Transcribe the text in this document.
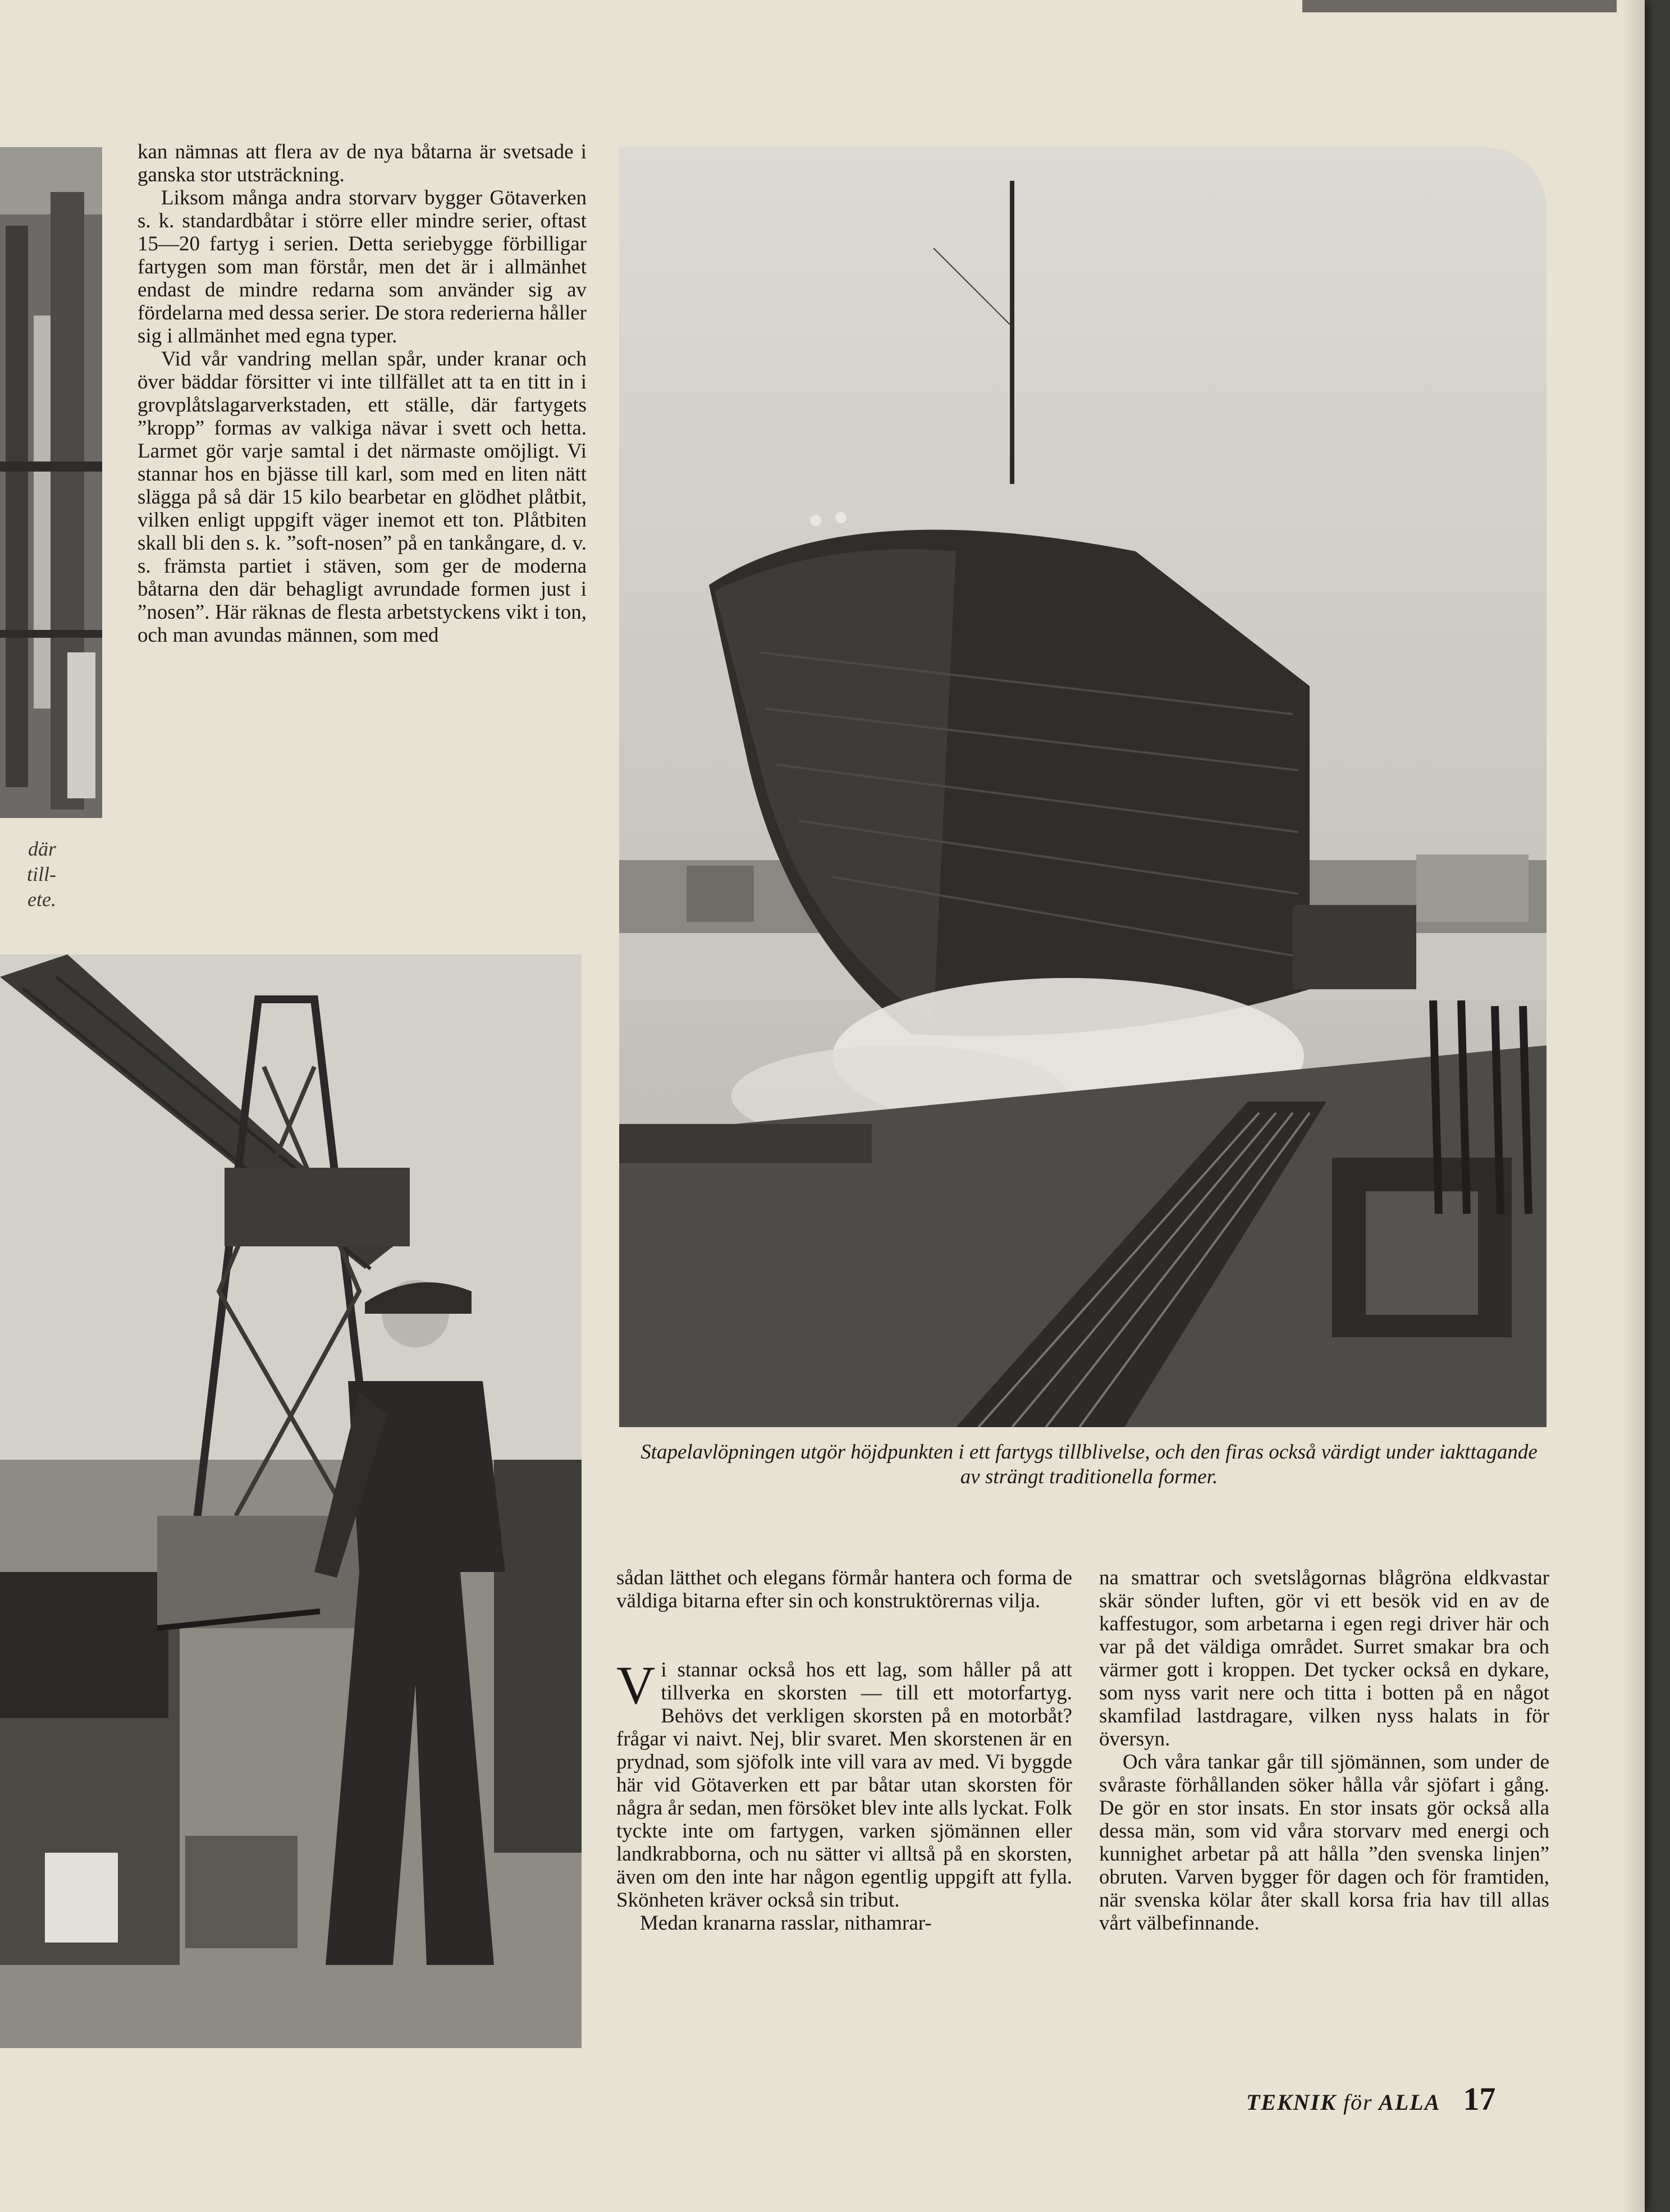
där
till-
ete.

kan nämnas att flera av de nya båtarna är svetsade i ganska stor utsträckning.

Liksom många andra storvarv bygger Götaverken s. k. standardbåtar i större eller mindre serier, oftast 15—20 fartyg i serien. Detta seriebygge förbilligar fartygen som man förstår, men det är i allmänhet endast de mindre redarna som använder sig av fördelarna med dessa serier. De stora rederierna håller sig i allmänhet med egna typer.

Vid vår vandring mellan spår, under kranar och över bäddar försitter vi inte tillfället att ta en titt in i grovplåtslagarverkstaden, ett ställe, där fartygets ”kropp” formas av valkiga nävar i svett och hetta. Larmet gör varje samtal i det närmaste omöjligt. Vi stannar hos en bjässe till karl, som med en liten nätt slägga på så där 15 kilo bearbetar en glödhet plåtbit, vilken enligt uppgift väger inemot ett ton. Plåtbiten skall bli den s. k. ”soft-nosen” på en tankångare, d. v. s. främsta partiet i stäven, som ger de moderna båtarna den där behagligt avrundade formen just i ”nosen”. Här räknas de flesta arbetstyckens vikt i ton, och man avundas männen, som med

Stapelavlöpningen utgör höjdpunkten i ett fartygs tillblivelse, och den firas också värdigt under iakttagande av strängt traditionella former.

sådan lätthet och elegans förmår hantera och forma de väldiga bitarna efter sin och konstruktörernas vilja.

Vi stannar också hos ett lag, som håller på att tillverka en skorsten — till ett motorfartyg. Behövs det verkligen skorsten på en motorbåt? frågar vi naivt. Nej, blir svaret. Men skorstenen är en prydnad, som sjöfolk inte vill vara av med. Vi byggde här vid Götaverken ett par båtar utan skorsten för några år sedan, men försöket blev inte alls lyckat. Folk tyckte inte om fartygen, varken sjömännen eller landkrabborna, och nu sätter vi alltså på en skorsten, även om den inte har någon egentlig uppgift att fylla. Skönheten kräver också sin tribut.

Medan kranarna rasslar, nithamrar-

na smattrar och svetslågornas blågröna eldkvastar skär sönder luften, gör vi ett besök vid en av de kaffestugor, som arbetarna i egen regi driver här och var på det väldiga området. Surret smakar bra och värmer gott i kroppen. Det tycker också en dykare, som nyss varit nere och titta i botten på en något skamfilad lastdragare, vilken nyss halats in för översyn.

Och våra tankar går till sjömännen, som under de svåraste förhållanden söker hålla vår sjöfart i gång. De gör en stor insats. En stor insats gör också alla dessa män, som vid våra storvarv med energi och kunnighet arbetar på att hålla ”den svenska linjen” obruten. Varven bygger för dagen och för framtiden, när svenska kölar åter skall korsa fria hav till allas vårt välbefinnande.

TEKNIK för ALLA 17
